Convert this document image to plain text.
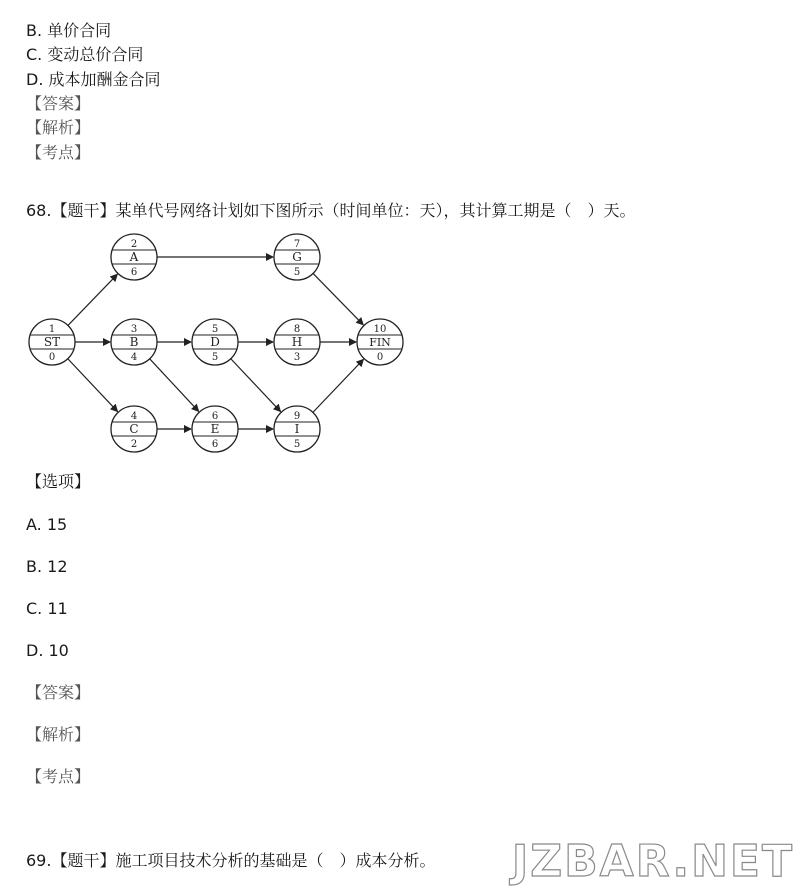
B. 单价合同
C. 变动总价合同
D. 成本加酬金合同
【答案】
【解析】
【考点】
68.【题干】某单代号网络计划如下图所示（时间单位：天），其计算工期是（　）天。
1
ST
0
2
A
6
3
B
4
4
C
2
5
D
5
6
E
6
7
G
5
8
H
3
9
I
5
10
FIN
0
【选项】
A. 15
B. 12
C. 11
D. 10
【答案】
【解析】
【考点】
69.【题干】施工项目技术分析的基础是（　）成本分析。 JZBAR.NET
